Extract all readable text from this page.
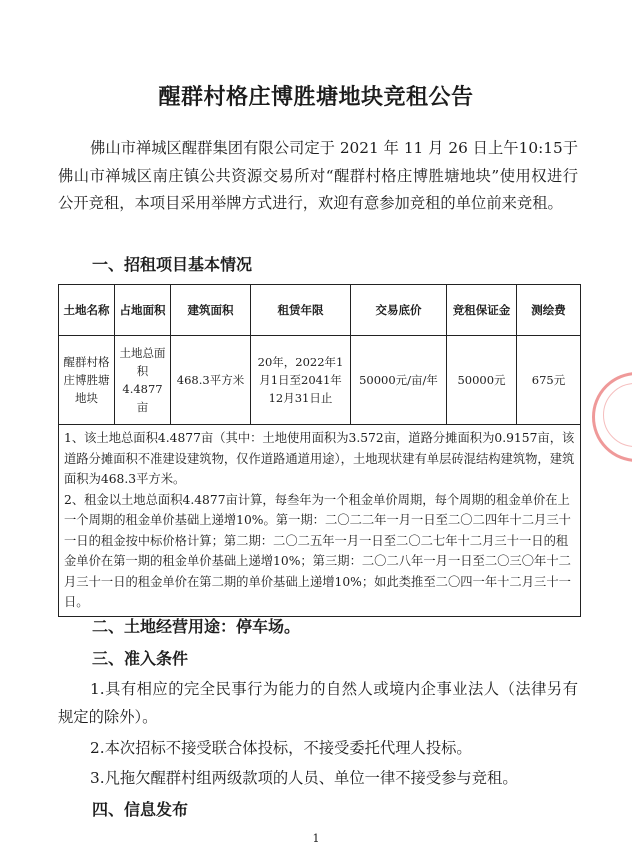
醒群村格庄博胜塘地块竞租公告
佛山市禅城区醒群集团有限公司定于 2021 年 11 月 26 日上午10:15于佛山市禅城区南庄镇公共资源交易所对“醒群村格庄博胜塘地块”使用权进行公开竞租，本项目采用举牌方式进行，欢迎有意参加竞租的单位前来竞租。
一、招租项目基本情况
土地名称	占地面积	建筑面积	租赁年限	交易底价	竞租保证金	测绘费
醒群村格庄博胜塘地块	土地总面积 4.4877亩	468.3平方米	20年，2022年1月1日至2041年12月31日止	50000元/亩/年	50000元	675元

1、该土地总面积4.4877亩（其中：土地使用面积为3.572亩，道路分摊面积为0.9157亩，该道路分摊面积不准建设建筑物，仅作道路通道用途），土地现状建有单层砖混结构建筑物，建筑面积为468.3平方米。
2、租金以土地总面积4.4877亩计算，每叁年为一个租金单价周期，每个周期的租金单价在上一个周期的租金单价基础上递增10%。第一期：二〇二二年一月一日至二〇二四年十二月三十一日的租金按中标价格计算；第二期：二〇二五年一月一日至二〇二七年十二月三十一日的租金单价在第一期的租金单价基础上递增10%；第三期：二〇二八年一月一日至二〇三〇年十二月三十一日的租金单价在第二期的单价基础上递增10%；如此类推至二〇四一年十二月三十一日。						
二、土地经营用途：停车场。
三、准入条件
1.具有相应的完全民事行为能力的自然人或境内企事业法人（法律另有规定的除外）。
2.本次招标不接受联合体投标，不接受委托代理人投标。
3.凡拖欠醒群村组两级款项的人员、单位一律不接受参与竞租。
四、信息发布
1
